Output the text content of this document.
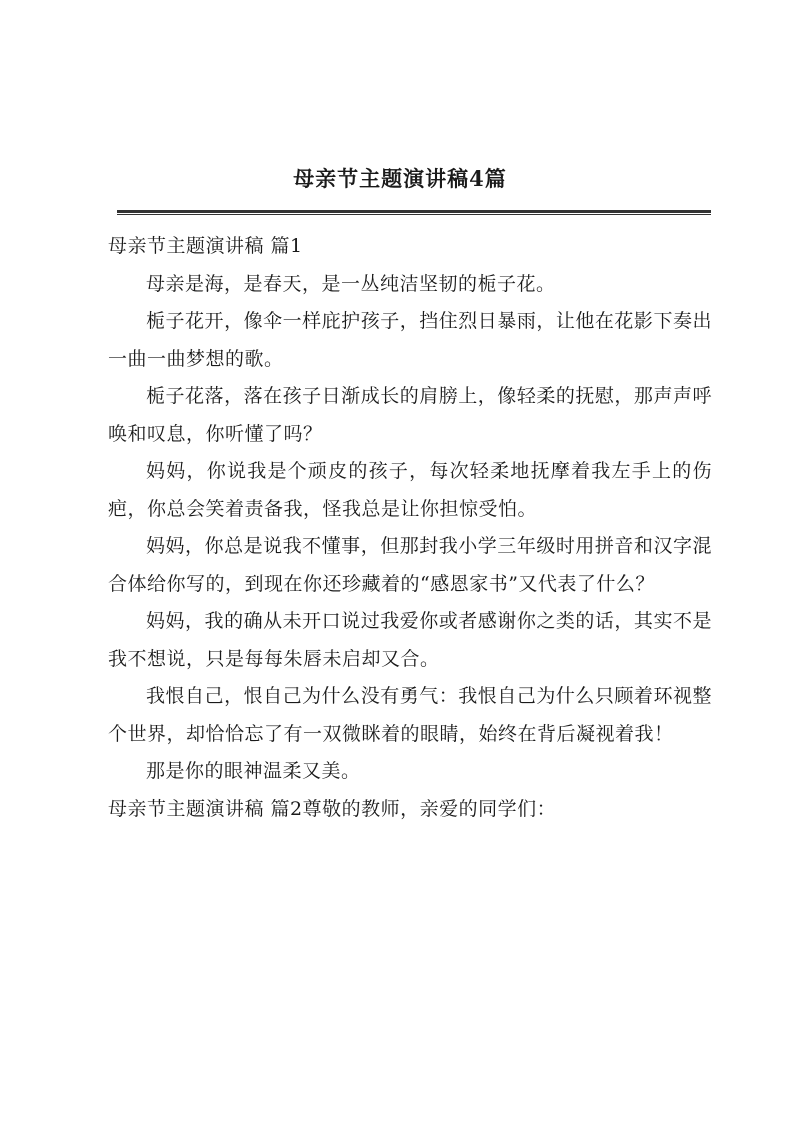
母亲节主题演讲稿4篇

母亲节主题演讲稿 篇1

母亲是海，是春天，是一丛纯洁坚韧的栀子花。

栀子花开，像伞一样庇护孩子，挡住烈日暴雨，让他在花影下奏出一曲一曲梦想的歌。

栀子花落，落在孩子日渐成长的肩膀上，像轻柔的抚慰，那声声呼唤和叹息，你听懂了吗？

妈妈，你说我是个顽皮的孩子，每次轻柔地抚摩着我左手上的伤疤，你总会笑着责备我，怪我总是让你担惊受怕。

妈妈，你总是说我不懂事，但那封我小学三年级时用拼音和汉字混合体给你写的，到现在你还珍藏着的“感恩家书”又代表了什么？

妈妈，我的确从未开口说过我爱你或者感谢你之类的话，其实不是我不想说，只是每每朱唇未启却又合。

我恨自己，恨自己为什么没有勇气：我恨自己为什么只顾着环视整个世界，却恰恰忘了有一双微眯着的眼睛，始终在背后凝视着我！

那是你的眼神温柔又美。

母亲节主题演讲稿 篇2尊敬的教师，亲爱的同学们：
